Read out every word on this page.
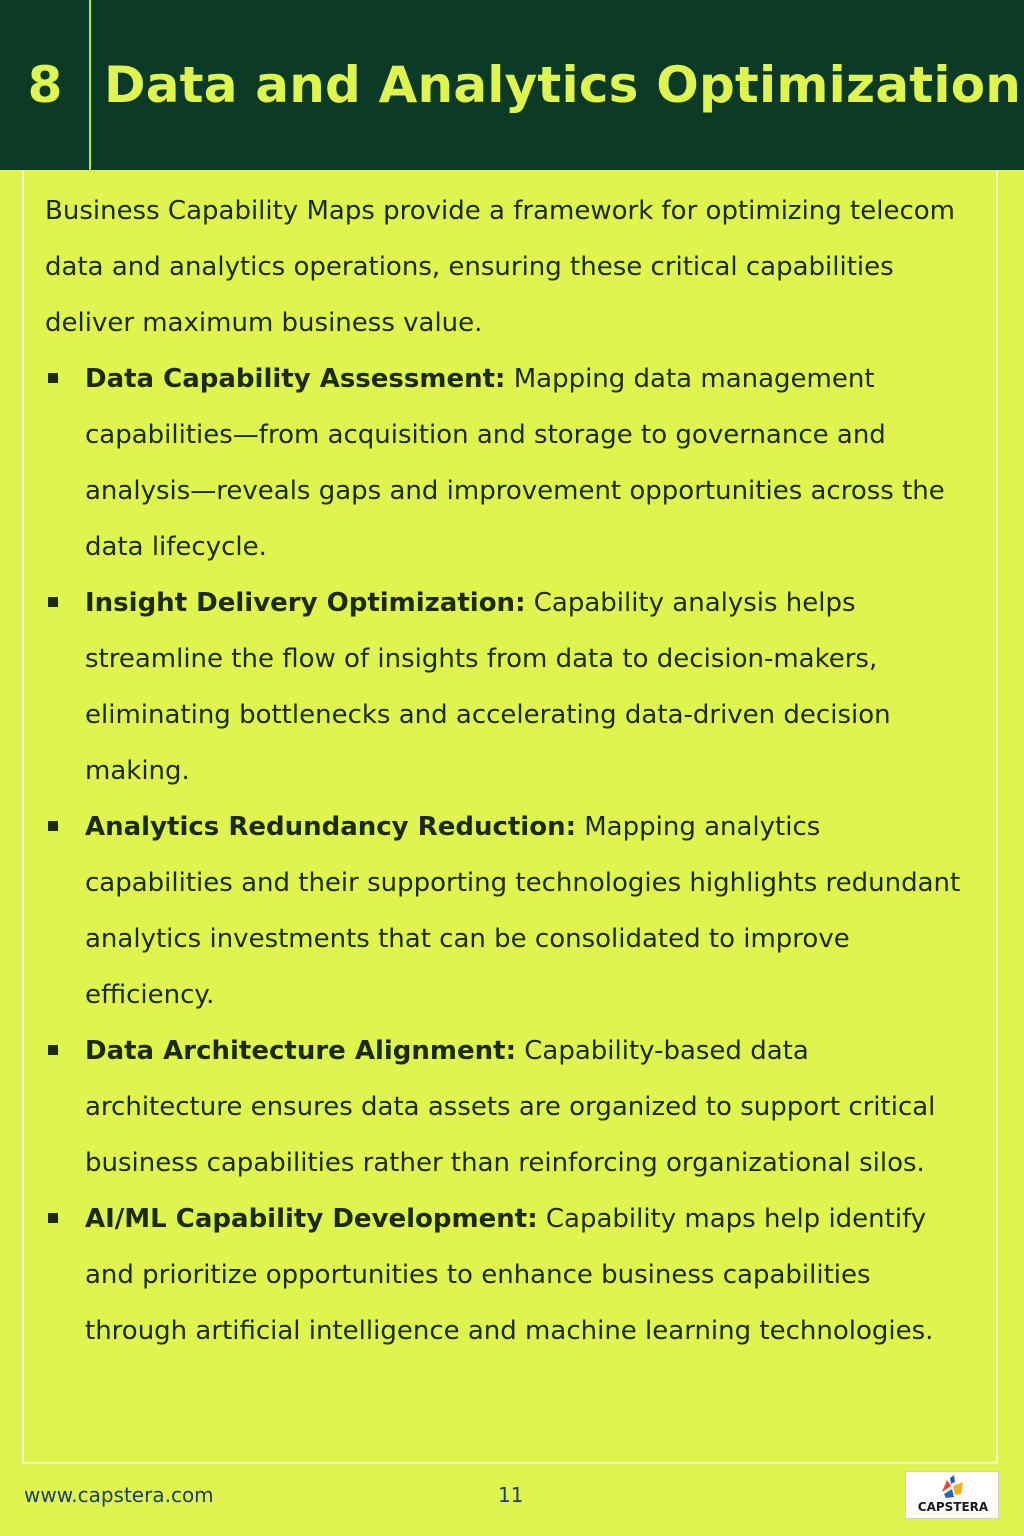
8 Data and Analytics Optimization

Business Capability Maps provide a framework for optimizing telecom data and analytics operations, ensuring these critical capabilities deliver maximum business value.

Data Capability Assessment: Mapping data management capabilities—from acquisition and storage to governance and analysis—reveals gaps and improvement opportunities across the data lifecycle.
Insight Delivery Optimization: Capability analysis helps streamline the flow of insights from data to decision-makers, eliminating bottlenecks and accelerating data-driven decision making.
Analytics Redundancy Reduction: Mapping analytics capabilities and their supporting technologies highlights redundant analytics investments that can be consolidated to improve efficiency.
Data Architecture Alignment: Capability-based data architecture ensures data assets are organized to support critical business capabilities rather than reinforcing organizational silos.
AI/ML Capability Development: Capability maps help identify and prioritize opportunities to enhance business capabilities through artificial intelligence and machine learning technologies.
www.capstera.com	11	CAPSTERA
